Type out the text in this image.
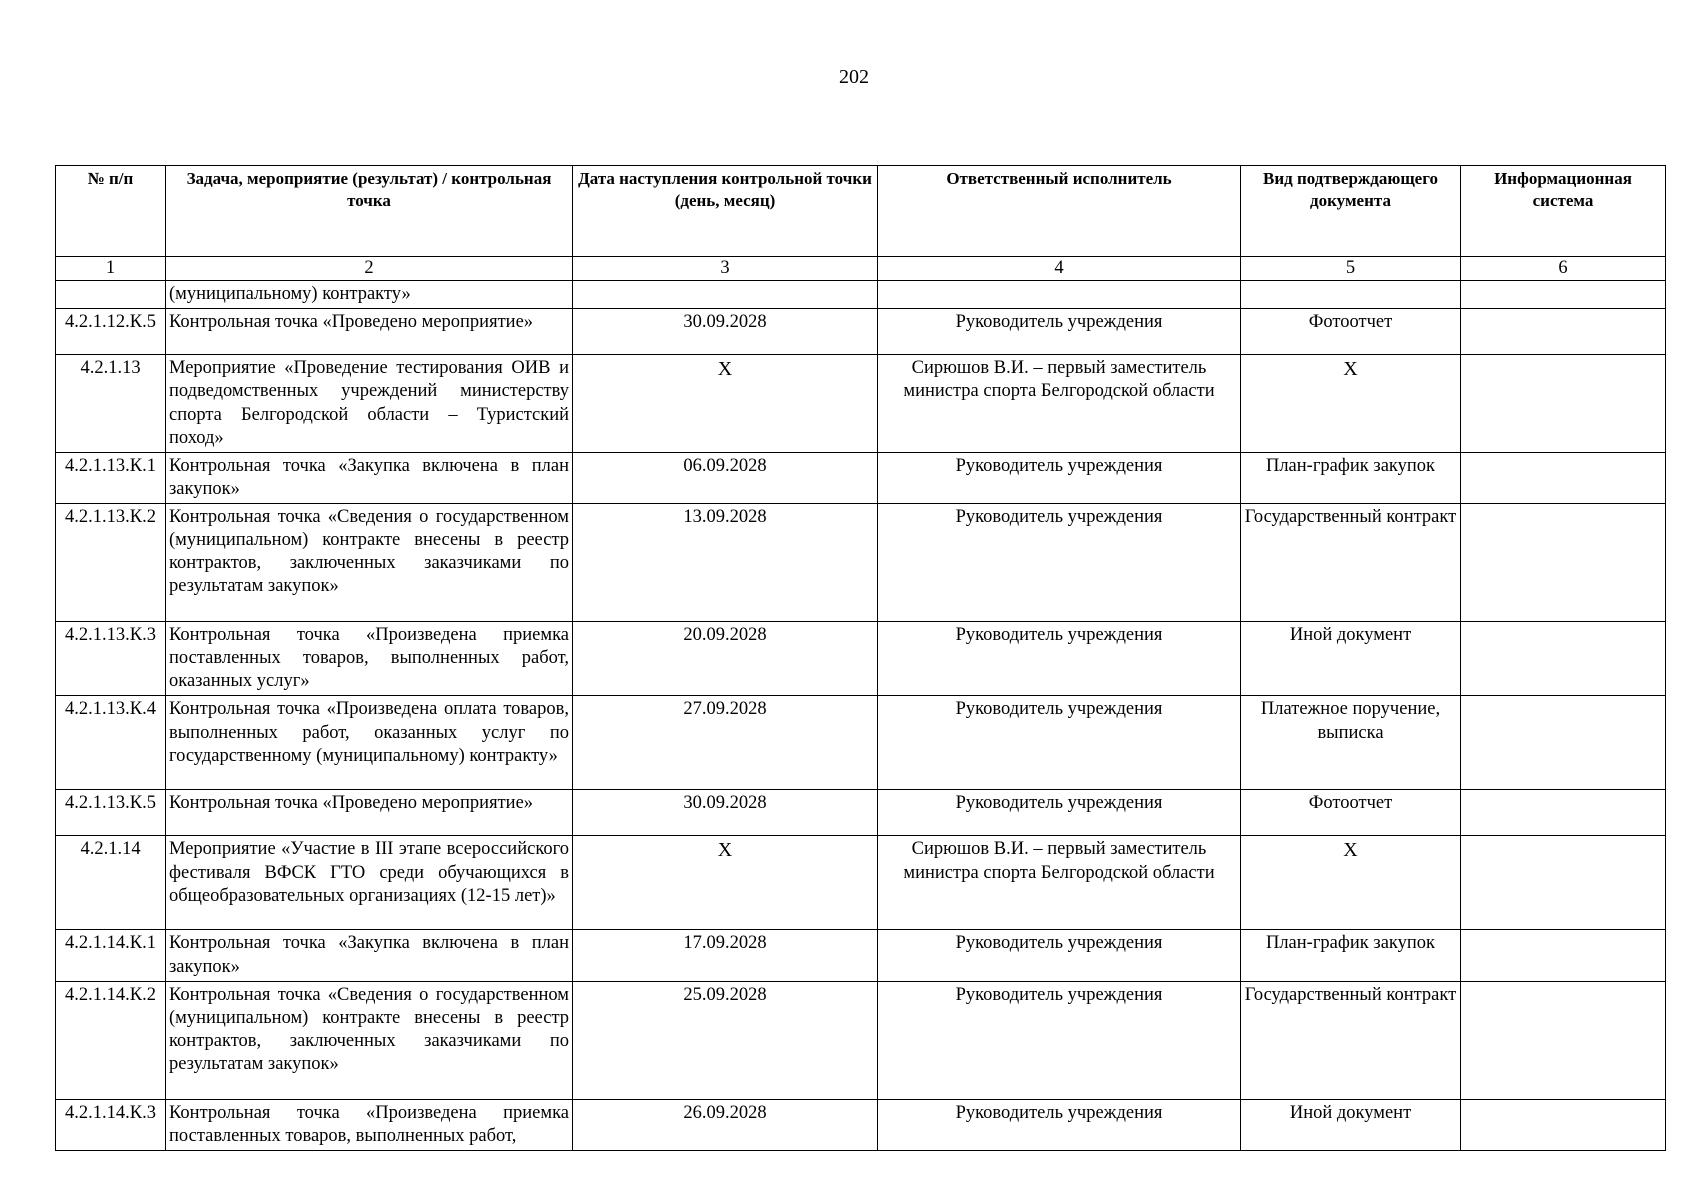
202
№ п/п	Задача, мероприятие (результат) / контрольная точка	Дата наступления контрольной точки (день, месяц)	Ответственный исполнитель	Вид подтверждающего документа	Информационная система
1	2	3	4	5	6
	(муниципальному) контракту»				
4.2.1.12.К.5	Контрольная точка «Проведено мероприятие»	30.09.2028	Руководитель учреждения	Фотоотчет	
4.2.1.13	Мероприятие «Проведение тестирования ОИВ и подведомственных учреждений министерству спорта Белгородской области – Туристский поход»	Х	Сирюшов В.И. – первый заместитель министра спорта Белгородской области	Х	
4.2.1.13.К.1	Контрольная точка «Закупка включена в план закупок»	06.09.2028	Руководитель учреждения	План-график закупок	
4.2.1.13.К.2	Контрольная точка «Сведения о государственном (муниципальном) контракте внесены в реестр контрактов, заключенных заказчиками по результатам закупок»	13.09.2028	Руководитель учреждения	Государственный контракт	
4.2.1.13.К.3	Контрольная точка «Произведена приемка поставленных товаров, выполненных работ, оказанных услуг»	20.09.2028	Руководитель учреждения	Иной документ	
4.2.1.13.К.4	Контрольная точка «Произведена оплата товаров, выполненных работ, оказанных услуг по государственному (муниципальному) контракту»	27.09.2028	Руководитель учреждения	Платежное поручение, выписка	
4.2.1.13.К.5	Контрольная точка «Проведено мероприятие»	30.09.2028	Руководитель учреждения	Фотоотчет	
4.2.1.14	Мероприятие «Участие в III этапе всероссийского фестиваля ВФСК ГТО среди обучающихся в общеобразовательных организациях (12-15 лет)»	Х	Сирюшов В.И. – первый заместитель министра спорта Белгородской области	Х	
4.2.1.14.К.1	Контрольная точка «Закупка включена в план закупок»	17.09.2028	Руководитель учреждения	План-график закупок	
4.2.1.14.К.2	Контрольная точка «Сведения о государственном (муниципальном) контракте внесены в реестр контрактов, заключенных заказчиками по результатам закупок»	25.09.2028	Руководитель учреждения	Государственный контракт	
4.2.1.14.К.3	Контрольная точка «Произведена приемка поставленных товаров, выполненных работ,	26.09.2028	Руководитель учреждения	Иной документ	
